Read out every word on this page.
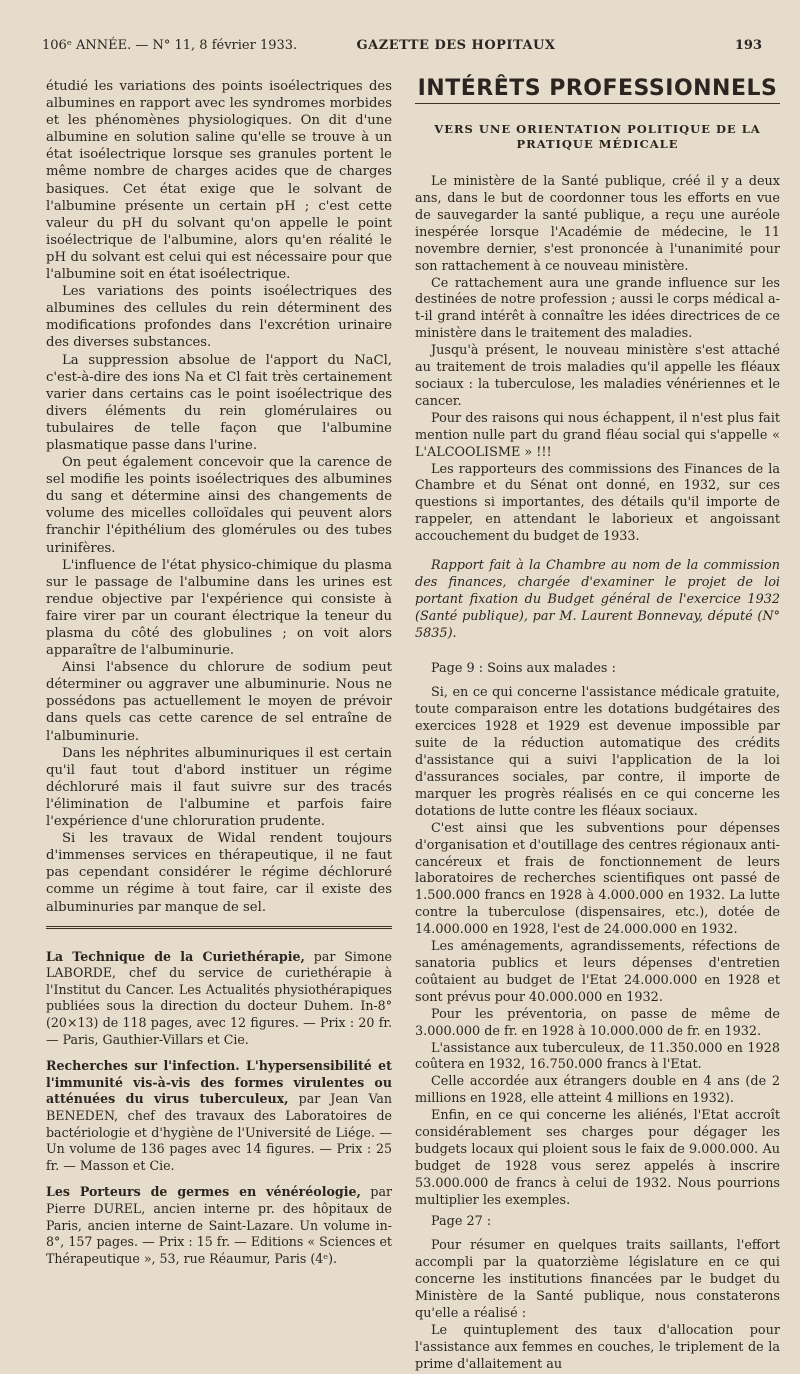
106ᵉ ANNÉE. — N° 11, 8 février 1933.	GAZETTE DES HOPITAUX	193

étudié les variations des points isoélectriques des albumines en rapport avec les syndromes morbides et les phénomènes physiologiques. On dit d'une albumine en solution saline qu'elle se trouve à un état isoélectrique lorsque ses granules portent le même nombre de charges acides que de charges basiques. Cet état exige que le solvant de l'albumine présente un certain pH ; c'est cette valeur du pH du solvant qu'on appelle le point isoélectrique de l'albumine, alors qu'en réalité le pH du solvant est celui qui est nécessaire pour que l'albumine soit en état isoélectrique.

Les variations des points isoélectriques des albumines des cellules du rein déterminent des modifications profondes dans l'excrétion urinaire des diverses substances.

La suppression absolue de l'apport du NaCl, c'est-à-dire des ions Na et Cl fait très certainement varier dans certains cas le point isoélectrique des divers éléments du rein glomérulaires ou tubulaires de telle façon que l'albumine plasmatique passe dans l'urine.

On peut également concevoir que la carence de sel modifie les points isoélectriques des albumines du sang et détermine ainsi des changements de volume des micelles colloïdales qui peuvent alors franchir l'épithélium des glomérules ou des tubes urinifères.

L'influence de l'état physico-chimique du plasma sur le passage de l'albumine dans les urines est rendue objective par l'expérience qui consiste à faire virer par un courant électrique la teneur du plasma du côté des globulines ; on voit alors apparaître de l'albuminurie.

Ainsi l'absence du chlorure de sodium peut déterminer ou aggraver une albuminurie. Nous ne possédons pas actuellement le moyen de prévoir dans quels cas cette carence de sel entraîne de l'albuminurie.

Dans les néphrites albuminuriques il est certain qu'il faut tout d'abord instituer un régime déchloruré mais il faut suivre sur des tracés l'élimination de l'albumine et parfois faire l'expérience d'une chloruration prudente.

Si les travaux de Widal rendent toujours d'immenses services en thérapeutique, il ne faut pas cependant considérer le régime déchloruré comme un régime à tout faire, car il existe des albuminuries par manque de sel.

La Technique de la Curiethérapie, par Simone LABORDE, chef du service de curiethérapie à l'Institut du Cancer. Les Actualités physiothérapiques publiées sous la direction du docteur Duhem. In-8° (20×13) de 118 pages, avec 12 figures. — Prix : 20 fr. — Paris, Gauthier-Villars et Cie.

Recherches sur l'infection. L'hypersensibilité et l'immunité vis-à-vis des formes virulentes ou atténuées du virus tuberculeux, par Jean Van BENEDEN, chef des travaux des Laboratoires de bactériologie et d'hygiène de l'Université de Liége. — Un volume de 136 pages avec 14 figures. — Prix : 25 fr. — Masson et Cie.

Les Porteurs de germes en vénéréologie, par Pierre DUREL, ancien interne pr. des hôpitaux de Paris, ancien interne de Saint-Lazare. Un volume in-8°, 157 pages. — Prix : 15 fr. — Editions « Sciences et Thérapeutique », 53, rue Réaumur, Paris (4ᵉ).

INTÉRÊTS PROFESSIONNELS
VERS UNE ORIENTATION POLITIQUE DE LA PRATIQUE MÉDICALE

Le ministère de la Santé publique, créé il y a deux ans, dans le but de coordonner tous les efforts en vue de sauvegarder la santé publique, a reçu une auréole inespérée lorsque l'Académie de médecine, le 11 novembre dernier, s'est prononcée à l'unanimité pour son rattachement à ce nouveau ministère.

Ce rattachement aura une grande influence sur les destinées de notre profession ; aussi le corps médical a-t-il grand intérêt à connaître les idées directrices de ce ministère dans le traitement des maladies.

Jusqu'à présent, le nouveau ministère s'est attaché au traitement de trois maladies qu'il appelle les fléaux sociaux : la tuberculose, les maladies vénériennes et le cancer.

Pour des raisons qui nous échappent, il n'est plus fait mention nulle part du grand fléau social qui s'appelle « L'ALCOOLISME » !!!

Les rapporteurs des commissions des Finances de la Chambre et du Sénat ont donné, en 1932, sur ces questions si importantes, des détails qu'il importe de rappeler, en attendant le laborieux et angoissant accouchement du budget de 1933.

Rapport fait à la Chambre au nom de la commission des finances, chargée d'examiner le projet de loi portant fixation du Budget général de l'exercice 1932 (Santé publique), par M. Laurent Bonnevay, député (N° 5835).

Page 9 : Soins aux malades :

Si, en ce qui concerne l'assistance médicale gratuite, toute comparaison entre les dotations budgétaires des exercices 1928 et 1929 est devenue impossible par suite de la réduction automatique des crédits d'assistance qui a suivi l'application de la loi d'assurances sociales, par contre, il importe de marquer les progrès réalisés en ce qui concerne les dotations de lutte contre les fléaux sociaux.

C'est ainsi que les subventions pour dépenses d'organisation et d'outillage des centres régionaux anti-cancéreux et frais de fonctionnement de leurs laboratoires de recherches scientifiques ont passé de 1.500.000 francs en 1928 à 4.000.000 en 1932. La lutte contre la tuberculose (dispensaires, etc.), dotée de 14.000.000 en 1928, l'est de 24.000.000 en 1932.

Les aménagements, agrandissements, réfections de sanatoria publics et leurs dépenses d'entretien coûtaient au budget de l'Etat 24.000.000 en 1928 et sont prévus pour 40.000.000 en 1932.

Pour les préventoria, on passe de même de 3.000.000 de fr. en 1928 à 10.000.000 de fr. en 1932.

L'assistance aux tuberculeux, de 11.350.000 en 1928 coûtera en 1932, 16.750.000 francs à l'Etat.

Celle accordée aux étrangers double en 4 ans (de 2 millions en 1928, elle atteint 4 millions en 1932).

Enfin, en ce qui concerne les aliénés, l'Etat accroît considérablement ses charges pour dégager les budgets locaux qui ploient sous le faix de 9.000.000. Au budget de 1928 vous serez appelés à inscrire 53.000.000 de francs à celui de 1932. Nous pourrions multiplier les exemples.

Page 27 :

Pour résumer en quelques traits saillants, l'effort accompli par la quatorzième législature en ce qui concerne les institutions financées par le budget du Ministère de la Santé publique, nous constaterons qu'elle a réalisé :

Le quintuplement des taux d'allocation pour l'assistance aux femmes en couches, le triplement de la prime d'allaitement au
